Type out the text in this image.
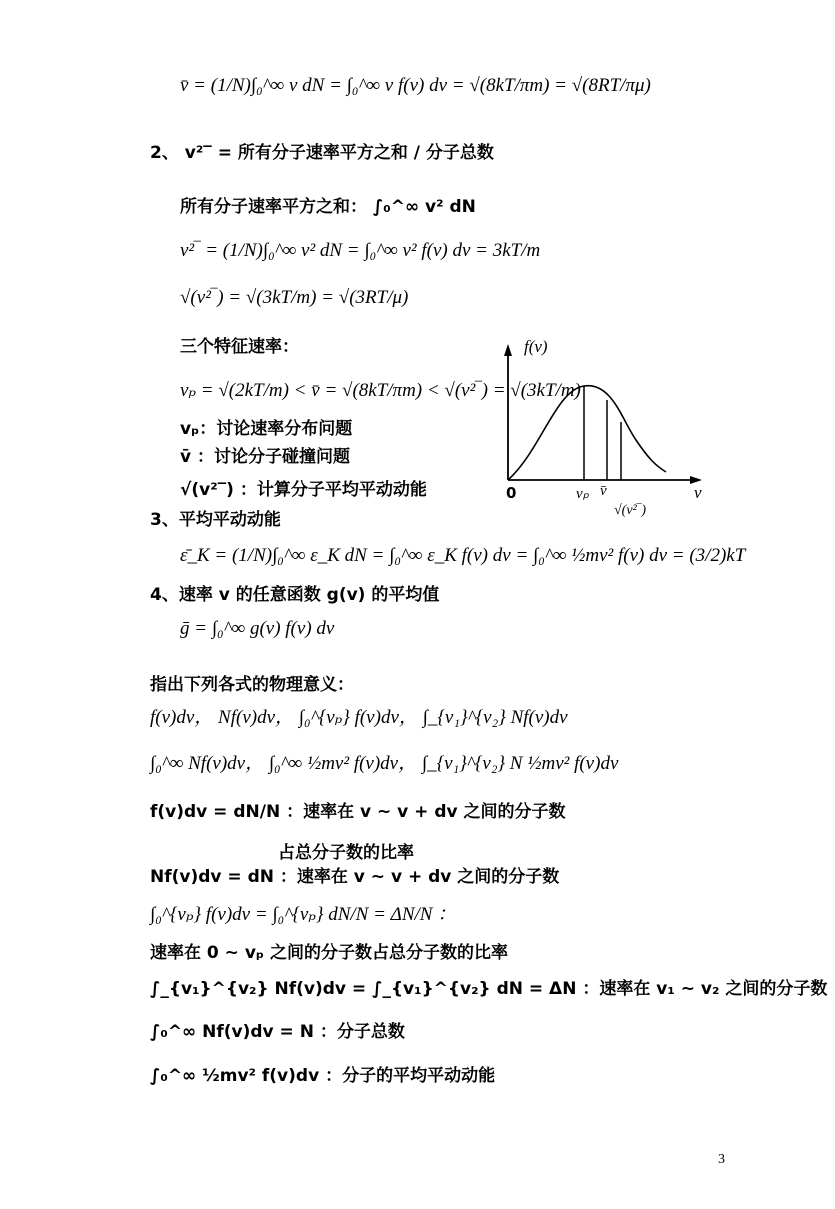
v̄ = (1/N)∫₀^∞ v dN = ∫₀^∞ v f(v) dv = √(8kT/πm) = √(8RT/πμ)
2、 v²‾ = 所有分子速率平方之和 / 分子总数
所有分子速率平方之和： ∫₀^∞ v² dN
v²‾ = (1/N)∫₀^∞ v² dN = ∫₀^∞ v² f(v) dv = 3kT/m
√(v²‾) = √(3kT/m) = √(3RT/μ)
三个特征速率：
vₚ = √(2kT/m) < v̄ = √(8kT/πm) < √(v²‾) = √(3kT/m)
vₚ：讨论速率分布问题
v̄ ：讨论分子碰撞问题
√(v²‾) ：计算分子平均平动动能
3、平均平动动能
ε̄_K = (1/N)∫₀^∞ ε_K dN = ∫₀^∞ ε_K f(v) dv = ∫₀^∞ ½mv² f(v) dv = (3/2)kT
4、速率 v 的任意函数 g(v) 的平均值
ḡ = ∫₀^∞ g(v) f(v) dv
指出下列各式的物理意义：
f(v)dv， Nf(v)dv， ∫₀^{vₚ} f(v)dv， ∫_{v₁}^{v₂} Nf(v)dv
∫₀^∞ Nf(v)dv， ∫₀^∞ ½mv² f(v)dv， ∫_{v₁}^{v₂} N ½mv² f(v)dv
f(v)dv = dN/N ：速率在 v ~ v + dv 之间的分子数
占总分子数的比率
Nf(v)dv = dN ：速率在 v ~ v + dv 之间的分子数
∫₀^{vₚ} f(v)dv = ∫₀^{vₚ} dN/N = ΔN/N ：
速率在 0 ~ vₚ 之间的分子数占总分子数的比率
∫_{v₁}^{v₂} Nf(v)dv = ∫_{v₁}^{v₂} dN = ΔN ：速率在 v₁ ~ v₂ 之间的分子数
∫₀^∞ Nf(v)dv = N ：分子总数
∫₀^∞ ½mv² f(v)dv ：分子的平均平动动能
f(v)
v
0	vₚ v̄
√(v²‾)
3
